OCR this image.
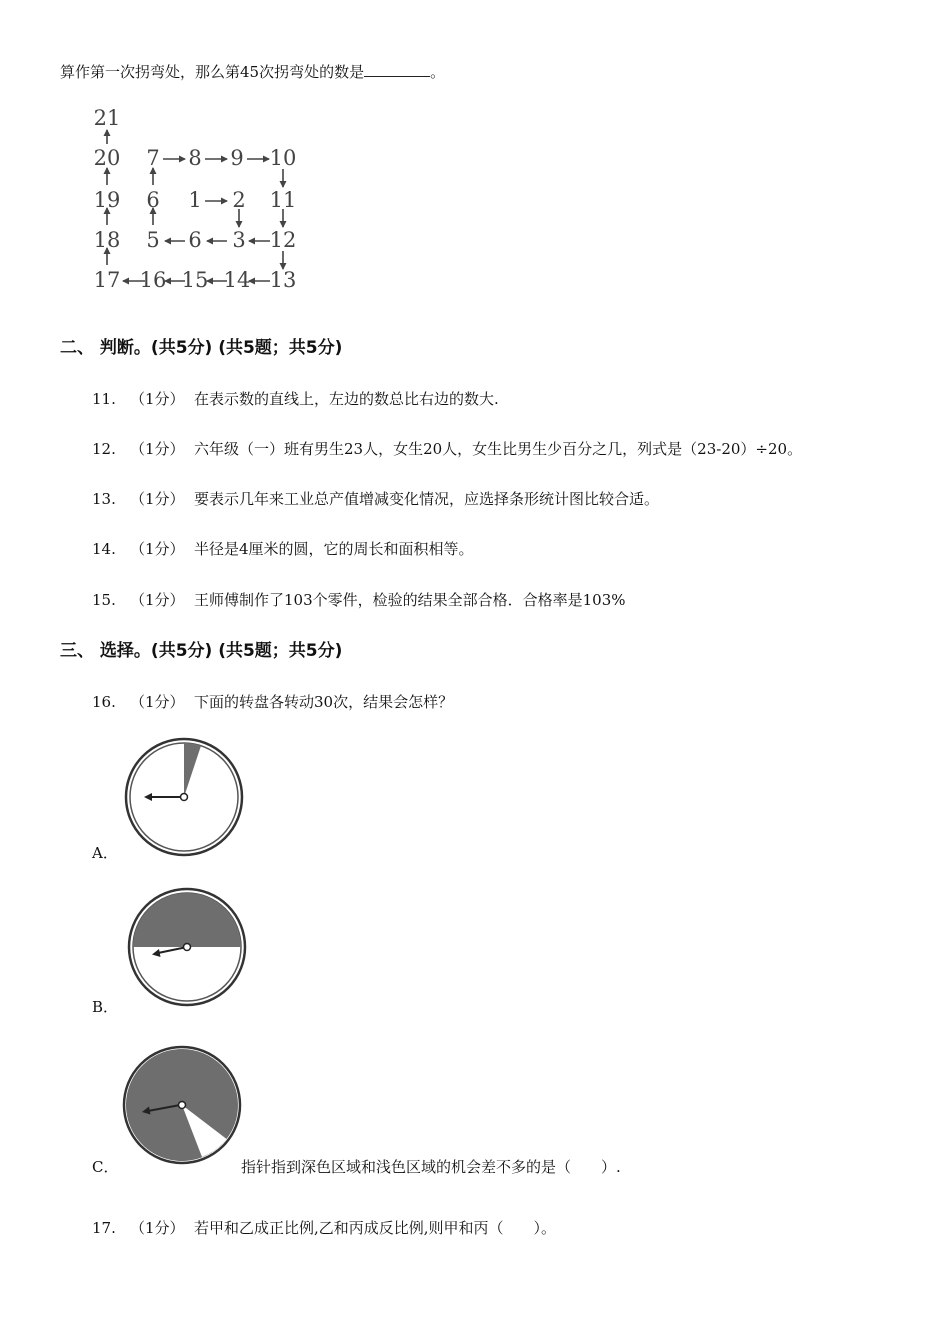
算作第一次拐弯处，那么第45次拐弯处的数是	。
21
20 7 8 9 10
19 6 1 2 11
18 5 6 3 12
17 16 15 14 13
二、 判断。(共5分) (共5题；共5分)
11. （1分） 在表示数的直线上，左边的数总比右边的数大.
12. （1分） 六年级（一）班有男生23人，女生20人，女生比男生少百分之几，列式是（23-20）÷20。
13. （1分） 要表示几年来工业总产值增减变化情况，应选择条形统计图比较合适。
14. （1分） 半径是4厘米的圆，它的周长和面积相等。
15. （1分） 王师傅制作了103个零件，检验的结果全部合格．合格率是103%
三、 选择。(共5分) (共5题；共5分)
16. （1分） 下面的转盘各转动30次，结果会怎样？
A．
B．
C．	指针指到深色区域和浅色区域的机会差不多的是（　　）.
17. （1分） 若甲和乙成正比例,乙和丙成反比例,则甲和丙（　　）。
